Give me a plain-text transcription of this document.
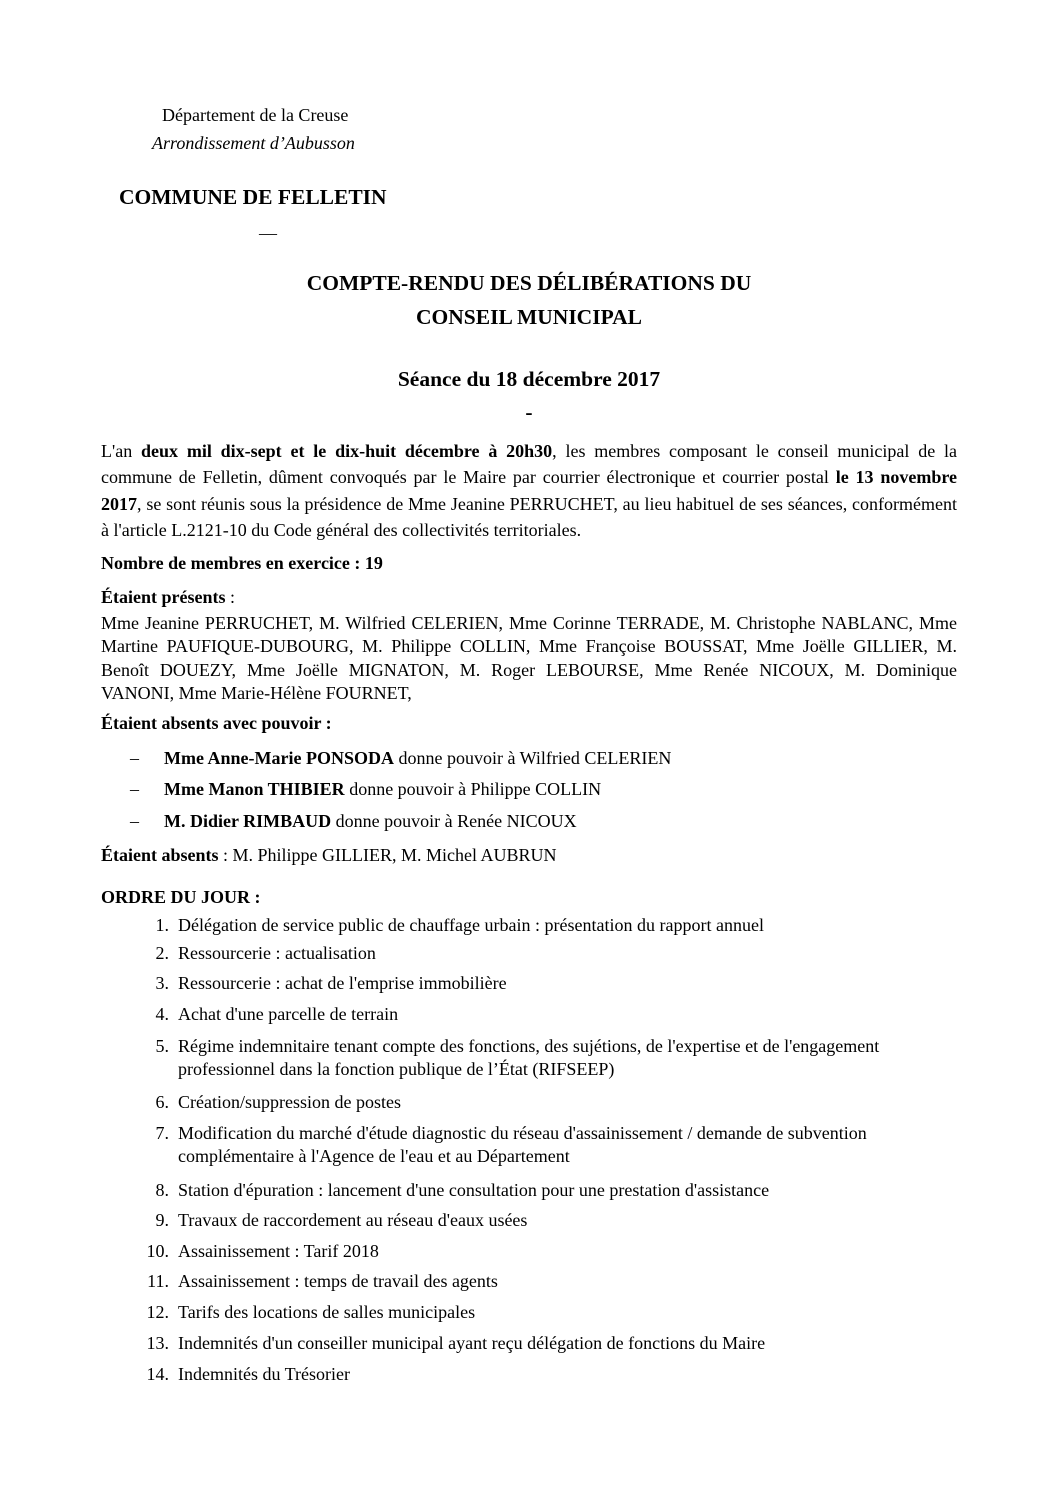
Département de la Creuse
Arrondissement d’Aubusson
COMMUNE DE FELLETIN
—
COMPTE-RENDU DES DÉLIBÉRATIONS DU
CONSEIL MUNICIPAL
Séance du 18 décembre 2017
-
L'an deux mil dix-sept et le dix-huit décembre à 20h30, les membres composant le conseil municipal de la commune de Felletin, dûment convoqués par le Maire par courrier électronique et courrier postal le 13 novembre 2017, se sont réunis sous la présidence de Mme Jeanine PERRUCHET, au lieu habituel de ses séances, conformément à l'article L.2121-10 du Code général des collectivités territoriales.
Nombre de membres en exercice : 19
Étaient présents :
Mme Jeanine PERRUCHET, M. Wilfried CELERIEN, Mme Corinne TERRADE, M. Christophe NABLANC, Mme Martine PAUFIQUE-DUBOURG, M. Philippe COLLIN, Mme Françoise BOUSSAT, Mme Joëlle GILLIER, M. Benoît DOUEZY, Mme Joëlle MIGNATON, M. Roger LEBOURSE, Mme Renée NICOUX, M. Dominique VANONI, Mme Marie-Hélène FOURNET,
Étaient absents avec pouvoir :
– Mme Anne-Marie PONSODA donne pouvoir à Wilfried CELERIEN
– Mme Manon THIBIER donne pouvoir à Philippe COLLIN
– M. Didier RIMBAUD donne pouvoir à Renée NICOUX
Étaient absents : M. Philippe GILLIER, M. Michel AUBRUN
ORDRE DU JOUR :
1. Délégation de service public de chauffage urbain : présentation du rapport annuel
2. Ressourcerie : actualisation
3. Ressourcerie : achat de l'emprise immobilière
4. Achat d'une parcelle de terrain
5. Régime indemnitaire tenant compte des fonctions, des sujétions, de l'expertise et de l'engagement professionnel dans la fonction publique de l’État (RIFSEEP)
6. Création/suppression de postes
7. Modification du marché d'étude diagnostic du réseau d'assainissement / demande de subvention complémentaire à l'Agence de l'eau et au Département
8. Station d'épuration : lancement d'une consultation pour une prestation d'assistance
9. Travaux de raccordement au réseau d'eaux usées
10. Assainissement : Tarif 2018
11. Assainissement : temps de travail des agents
12. Tarifs des locations de salles municipales
13. Indemnités d'un conseiller municipal ayant reçu délégation de fonctions du Maire
14. Indemnités du Trésorier
